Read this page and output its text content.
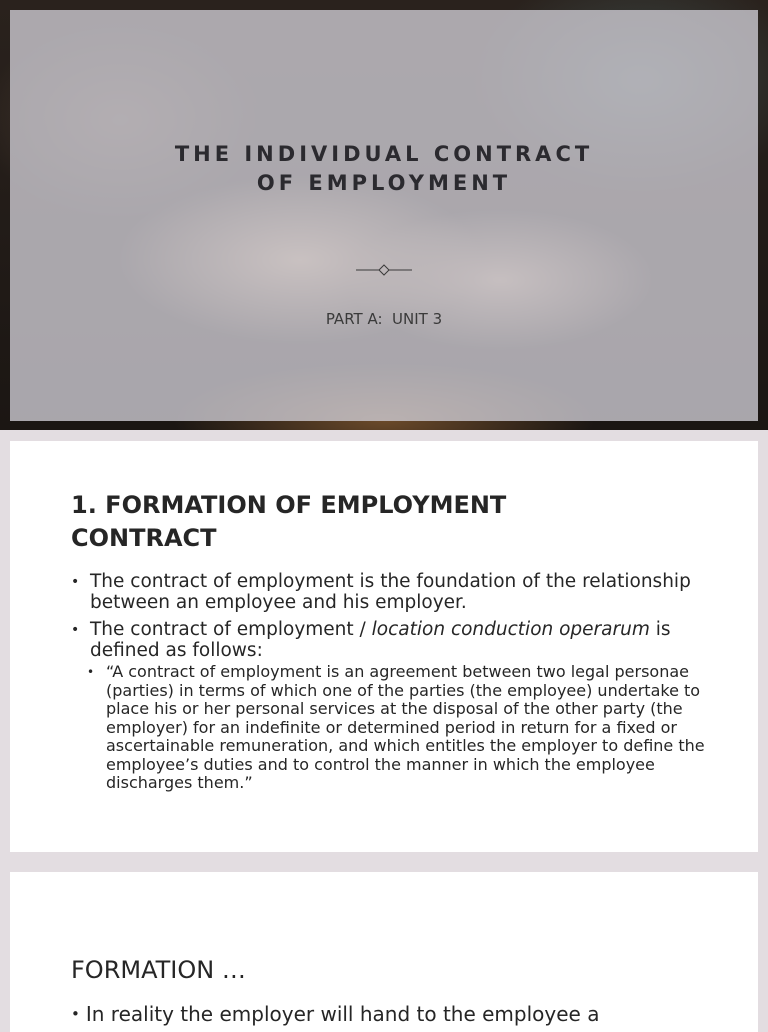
THE INDIVIDUAL CONTRACT
OF EMPLOYMENT
PART A:  UNIT 3
1. FORMATION OF EMPLOYMENT
CONTRACT
• The contract of employment is the foundation of the relationship between an employee and his employer.
• The contract of employment / location conduction operarum is defined as follows:
• “A contract of employment is an agreement between two legal personae (parties) in terms of which one of the parties (the employee) undertake to place his or her personal services at the disposal of the other party (the employer) for an indefinite or determined period in return for a fixed or ascertainable remuneration, and which entitles the employer to define the employee’s duties and to control the manner in which the employee discharges them.”
FORMATION …
• In reality the employer will hand to the employee a
